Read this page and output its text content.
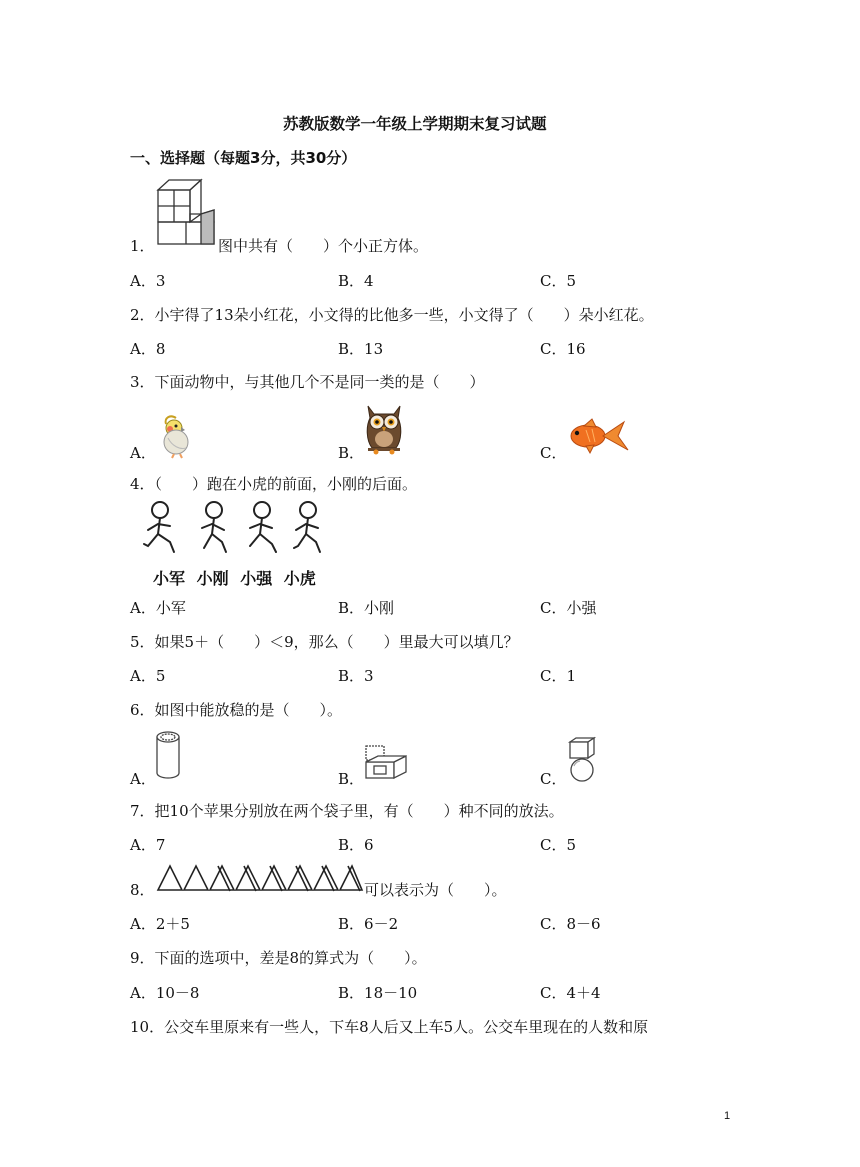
苏教版数学一年级上学期期末复习试题
一、选择题（每题3分，共30分）
1．	图中共有（　　）个小正方体。
A．3	B．4	C．5
2．小宇得了13朵小红花，小文得的比他多一些，小文得了（　　）朵小红花。
A．8	B．13	C．16
3．下面动物中，与其他几个不是同一类的是（　　）
A．	B．	C．
4．（　　）跑在小虎的前面，小刚的后面。
小军 小刚 小强 小虎
A．小军	B．小刚	C．小强
5．如果5＋（　　）＜9，那么（　　）里最大可以填几？
A．5	B．3	C．1
6．如图中能放稳的是（　　）。
A．	B．	C．
7．把10个苹果分别放在两个袋子里，有（　　）种不同的放法。
A．7	B．6	C．5
8．	可以表示为（　　）。
A．2＋5	B．6－2	C．8－6
9．下面的选项中，差是8的算式为（　　）。
A．10－8	B．18－10	C．4＋4
10．公交车里原来有一些人，下车8人后又上车5人。公交车里现在的人数和原
1
